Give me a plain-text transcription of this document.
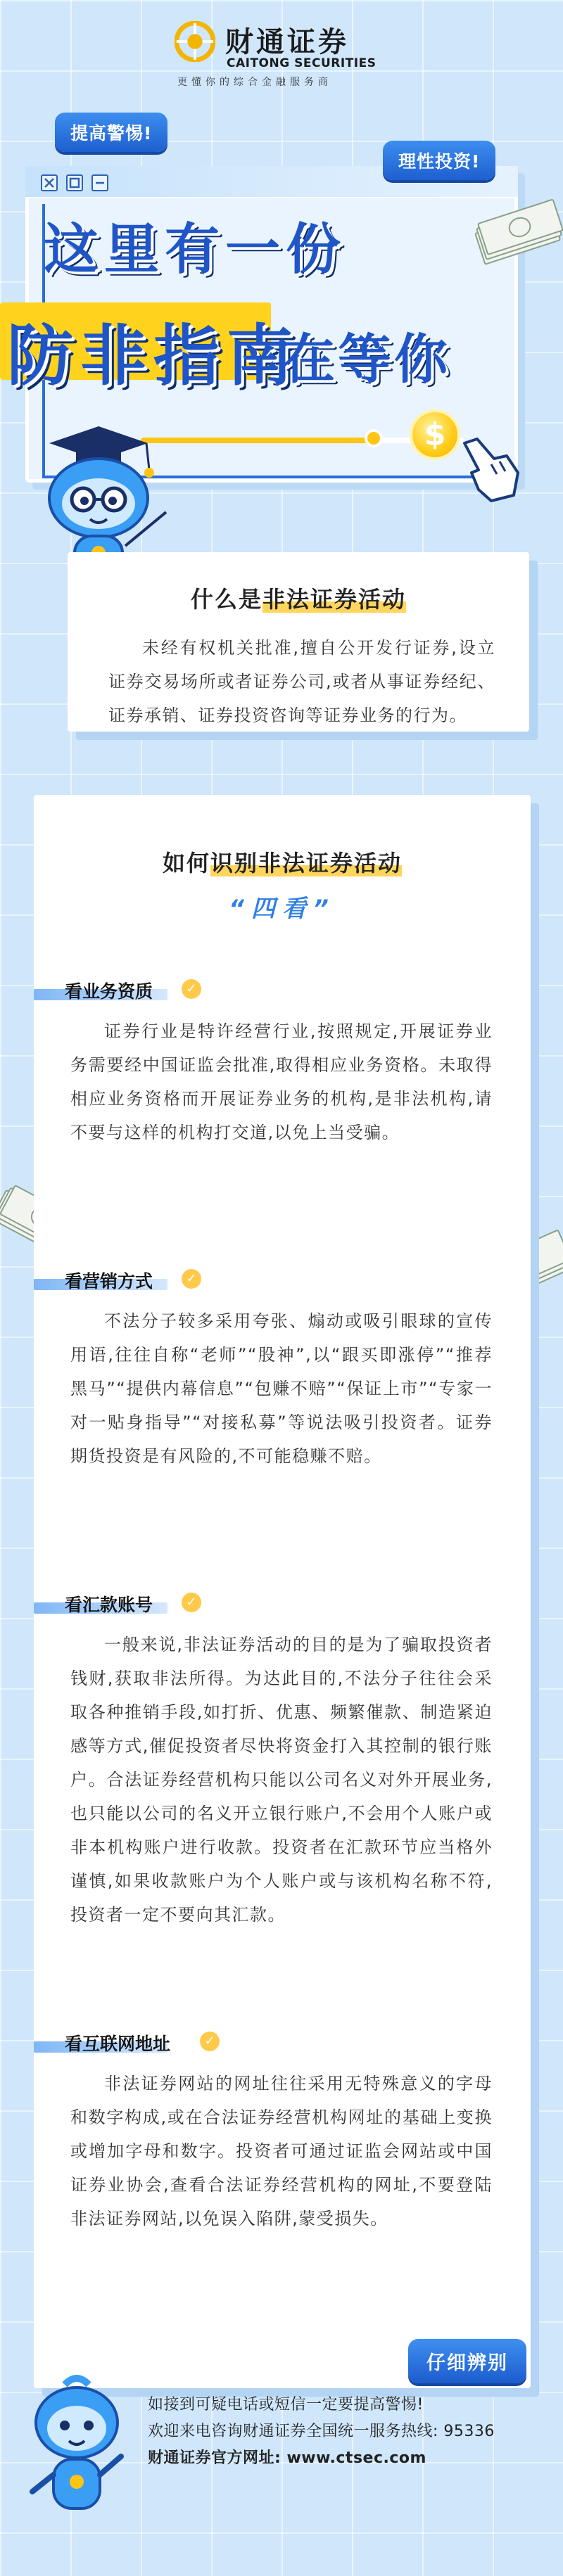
财通证券
CAITONG SECURITIES
更懂你的综合金融服务商
提高警惕!
理性投资!
这里有一份
防非指南
在等你
$
什么是非法证券活动
未经有权机关批准,擅自公开发行证券,设立证券交易场所或者证券公司,或者从事证券经纪、证券承销、证券投资咨询等证券业务的行为。
如何识别非法证券活动
“四看”
看业务资质	✓
证券行业是特许经营行业,按照规定,开展证券业务需要经中国证监会批准,取得相应业务资格。未取得相应业务资格而开展证券业务的机构,是非法机构,请不要与这样的机构打交道,以免上当受骗。
看营销方式	✓
不法分子较多采用夸张、煽动或吸引眼球的宣传用语,往往自称“老师”“股神”,以“跟买即涨停”“推荐黑马”“提供内幕信息”“包赚不赔”“保证上市”“专家一对一贴身指导”“对接私募”等说法吸引投资者。证券期货投资是有风险的,不可能稳赚不赔。
看汇款账号	✓
一般来说,非法证券活动的目的是为了骗取投资者钱财,获取非法所得。为达此目的,不法分子往往会采取各种推销手段,如打折、优惠、频繁催款、制造紧迫感等方式,催促投资者尽快将资金打入其控制的银行账户。合法证券经营机构只能以公司名义对外开展业务,也只能以公司的名义开立银行账户,不会用个人账户或非本机构账户进行收款。投资者在汇款环节应当格外谨慎,如果收款账户为个人账户或与该机构名称不符,投资者一定不要向其汇款。
看互联网地址	✓
非法证券网站的网址往往采用无特殊意义的字母和数字构成,或在合法证券经营机构网址的基础上变换或增加字母和数字。投资者可通过证监会网站或中国证券业协会,查看合法证券经营机构的网址,不要登陆非法证券网站,以免误入陷阱,蒙受损失。
仔细辨别
如接到可疑电话或短信一定要提高警惕!
欢迎来电咨询财通证券全国统一服务热线: 95336
财通证券官方网址: www.ctsec.com
